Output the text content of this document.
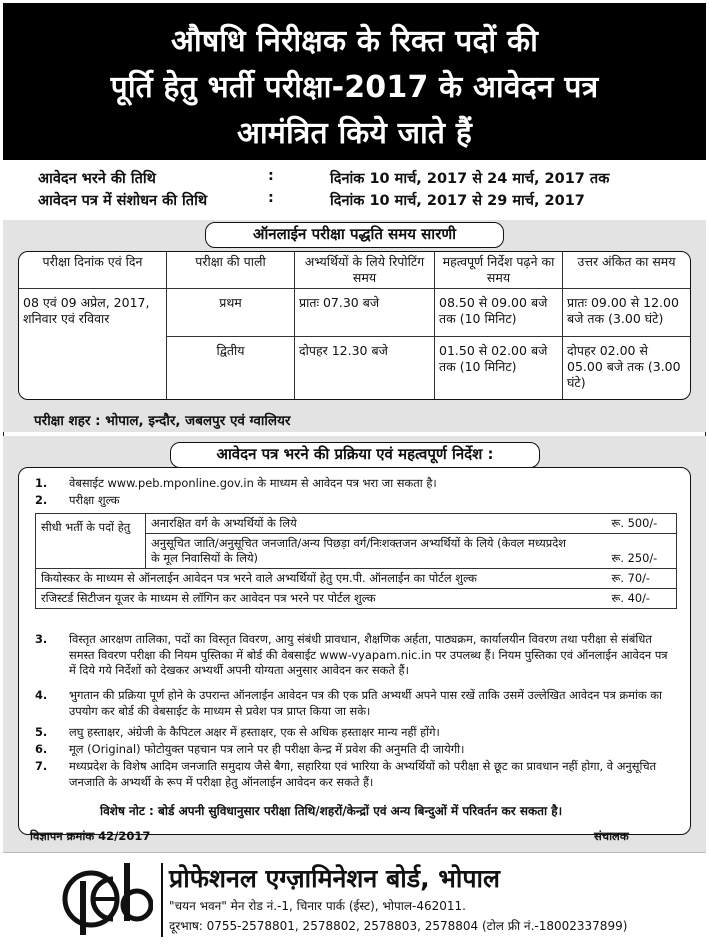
औषधि निरीक्षक के रिक्त पदों की
पूर्ति हेतु भर्ती परीक्षा-2017 के आवेदन पत्र
आमंत्रित किये जाते हैं
आवेदन भरने की तिथि	:	दिनांक 10 मार्च, 2017 से 24 मार्च, 2017 तक
आवेदन पत्र में संशोधन की तिथि	:	दिनांक 10 मार्च, 2017 से 29 मार्च, 2017
ऑनलाईन परीक्षा पद्धति समय सारणी
परीक्षा दिनांक एवं दिन	परीक्षा की पाली	अभ्यर्थियों के लिये रिपोटिंग समय	महत्वपूर्ण निर्देश पढ़ने का समय	उत्तर अंकित का समय
08 एवं 09 अप्रेल, 2017, शनिवार एवं रविवार	प्रथम	प्रातः 07.30 बजे	08.50 से 09.00 बजे तक (10 मिनिट)	प्रातः 09.00 से 12.00 बजे तक (3.00 घंटे)
	द्वितीय	दोपहर 12.30 बजे	01.50 से 02.00 बजे तक (10 मिनिट)	दोपहर 02.00 से 05.00 बजे तक (3.00 घंटे)
परीक्षा शहर : भोपाल, इन्दौर, जबलपुर एवं ग्वालियर
आवेदन पत्र भरने की प्रक्रिया एवं महत्वपूर्ण निर्देश :
1. वेबसाईट www.peb.mponline.gov.in के माध्यम से आवेदन पत्र भरा जा सकता है।
2. परीक्षा शुल्क
सीधी भर्ती के पदों हेतु	अनारक्षित वर्ग के अभ्यर्थियों के लिये	रू. 500/-
	अनुसूचित जाति/अनुसूचित जनजाति/अन्य पिछड़ा वर्ग/निःशक्तजन अभ्यर्थियों के लिये (केवल मध्यप्रदेश के मूल निवासियों के लिये)	रू. 250/-
कियोस्कर के माध्यम से ऑनलाईन आवेदन पत्र भरने वाले अभ्यर्थियों हेतु एम.पी. ऑनलाईन का पोर्टल शुल्क		रू. 70/-
रजिस्टर्ड सिटीजन यूजर के माध्यम से लॉगिन कर आवेदन पत्र भरने पर पोर्टल शुल्क		रू. 40/-
3. विस्तृत आरक्षण तालिका, पदों का विस्तृत विवरण, आयु संबंधी प्रावधान, शैक्षणिक अर्हता, पाठ्यक्रम, कार्यालयीन विवरण तथा परीक्षा से संबंधित समस्त विवरण परीक्षा की नियम पुस्तिका में बोर्ड की वेबसाईट www-vyapam.nic.in पर उपलब्ध हैं। नियम पुस्तिका एवं ऑनलाईन आवेदन पत्र में दिये गये निर्देशों को देखकर अभ्यर्थी अपनी योग्यता अनुसार आवेदन कर सकते हैं।
4. भुगतान की प्रक्रिया पूर्ण होने के उपरान्त ऑनलाईन आवेदन पत्र की एक प्रति अभ्यर्थी अपने पास रखें ताकि उसमें उल्लेखित आवेदन पत्र क्रमांक का उपयोग कर बोर्ड की वेबसाईट के माध्यम से प्रवेश पत्र प्राप्त किया जा सके।
5. लघु हस्ताक्षर, अंग्रेजी के कैपिटल अक्षर में हस्ताक्षर, एक से अधिक हस्ताक्षर मान्य नहीं होंगे।
6. मूल (Original) फोटोयुक्त पहचान पत्र लाने पर ही परीक्षा केन्द्र में प्रवेश की अनुमति दी जायेगी।
7. मध्यप्रदेश के विशेष आदिम जनजाति समुदाय जैसे बैगा, सहारिया एवं भारिया के अभ्यर्थियों को परीक्षा से छूट का प्रावधान नहीं होगा, वे अनुसूचित जनजाति के अभ्यर्थी के रूप में परीक्षा हेतु ऑनलाईन आवेदन कर सकते हैं।
विशेष नोट : बोर्ड अपनी सुविधानुसार परीक्षा तिथि/शहरों/केन्द्रों एवं अन्य बिन्दुओं में परिवर्तन कर सकता है।
विज्ञापन क्रमांक 42/2017	संचालक
प्रोफेशनल एग्ज़ामिनेशन बोर्ड, भोपाल
"चयन भवन" मेन रोड नं.-1, चिनार पार्क (ईस्ट), भोपाल-462011.
दूरभाष: 0755-2578801, 2578802, 2578803, 2578804 (टोल फ्री नं.-18002337899)
